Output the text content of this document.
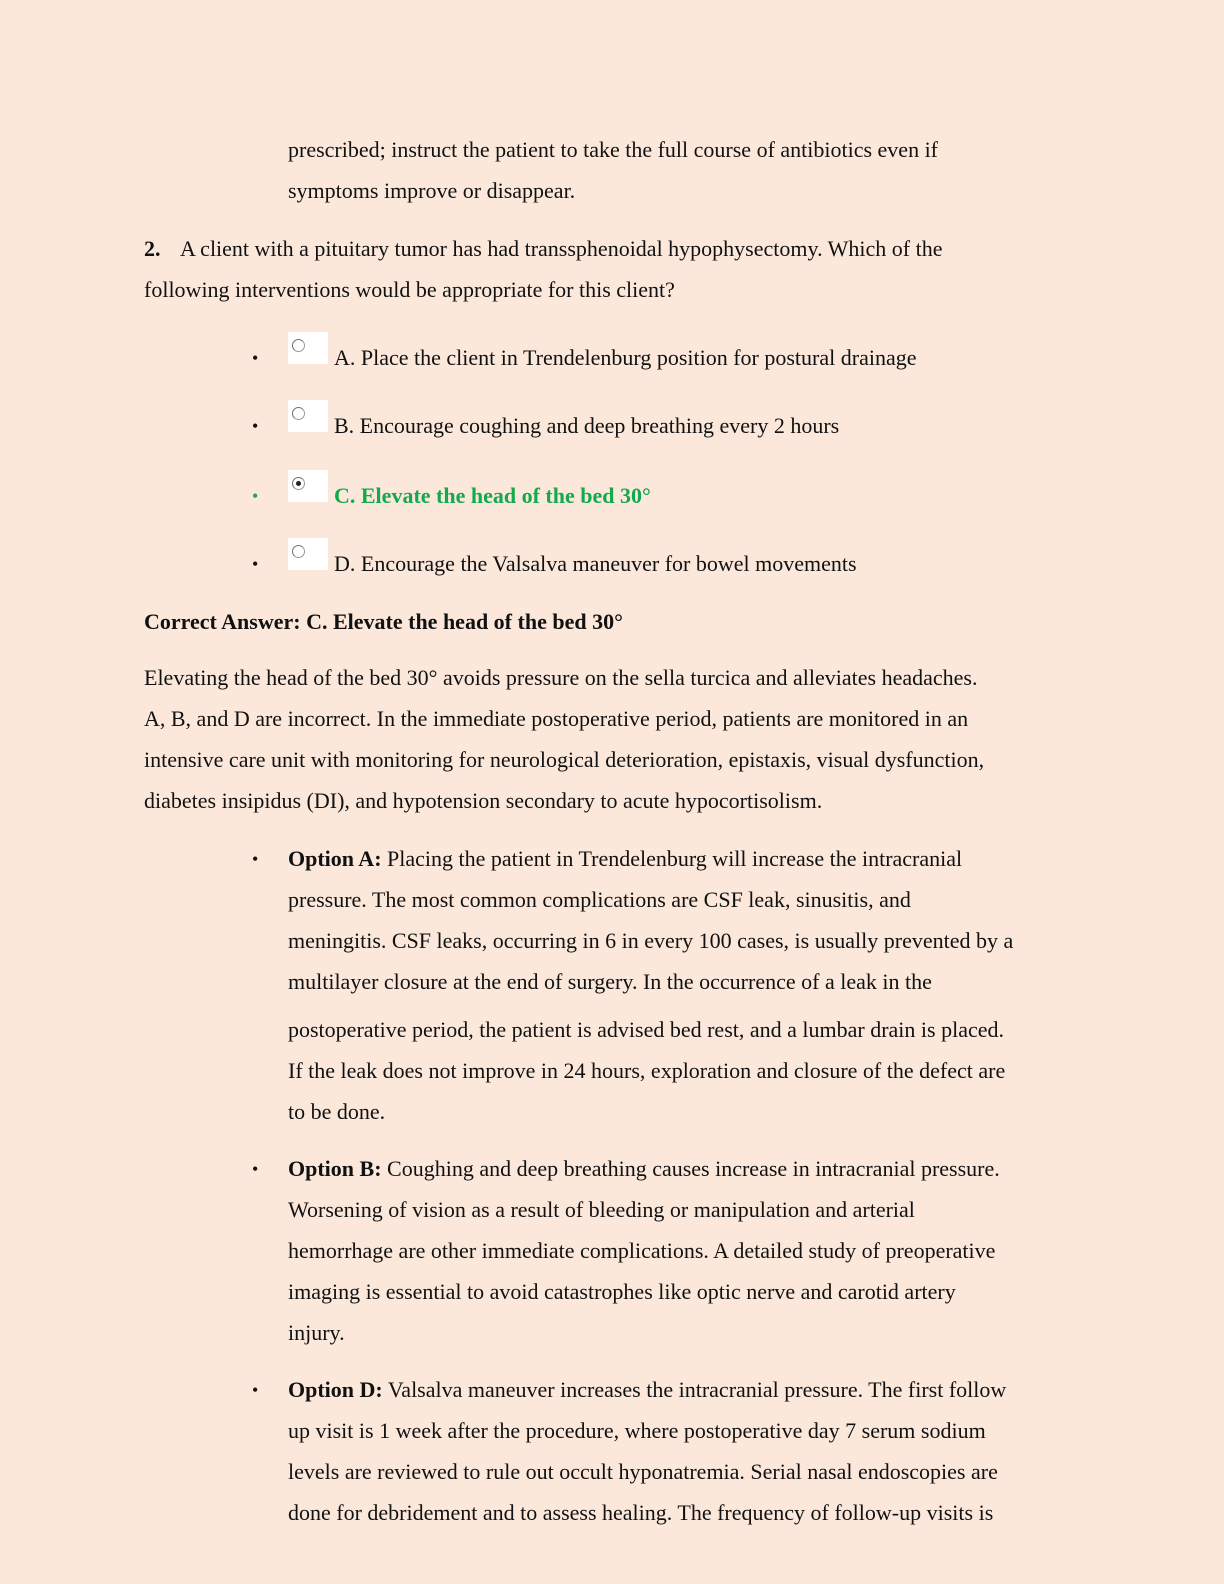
prescribed; instruct the patient to take the full course of antibiotics even if
symptoms improve or disappear.
2. A client with a pituitary tumor has had transsphenoidal hypophysectomy. Which of the
following interventions would be appropriate for this client?
•	A. Place the client in Trendelenburg position for postural drainage
•	B. Encourage coughing and deep breathing every 2 hours
•	C. Elevate the head of the bed 30°
•	D. Encourage the Valsalva maneuver for bowel movements
Correct Answer: C. Elevate the head of the bed 30°
Elevating the head of the bed 30° avoids pressure on the sella turcica and alleviates headaches.
A, B, and D are incorrect. In the immediate postoperative period, patients are monitored in an
intensive care unit with monitoring for neurological deterioration, epistaxis, visual dysfunction,
diabetes insipidus (DI), and hypotension secondary to acute hypocortisolism.
• Option A: Placing the patient in Trendelenburg will increase the intracranial
pressure. The most common complications are CSF leak, sinusitis, and
meningitis. CSF leaks, occurring in 6 in every 100 cases, is usually prevented by a
multilayer closure at the end of surgery. In the occurrence of a leak in the
postoperative period, the patient is advised bed rest, and a lumbar drain is placed.
If the leak does not improve in 24 hours, exploration and closure of the defect are
to be done.
• Option B: Coughing and deep breathing causes increase in intracranial pressure.
Worsening of vision as a result of bleeding or manipulation and arterial
hemorrhage are other immediate complications. A detailed study of preoperative
imaging is essential to avoid catastrophes like optic nerve and carotid artery
injury.
• Option D: Valsalva maneuver increases the intracranial pressure. The first follow
up visit is 1 week after the procedure, where postoperative day 7 serum sodium
levels are reviewed to rule out occult hyponatremia. Serial nasal endoscopies are
done for debridement and to assess healing. The frequency of follow-up visits is
